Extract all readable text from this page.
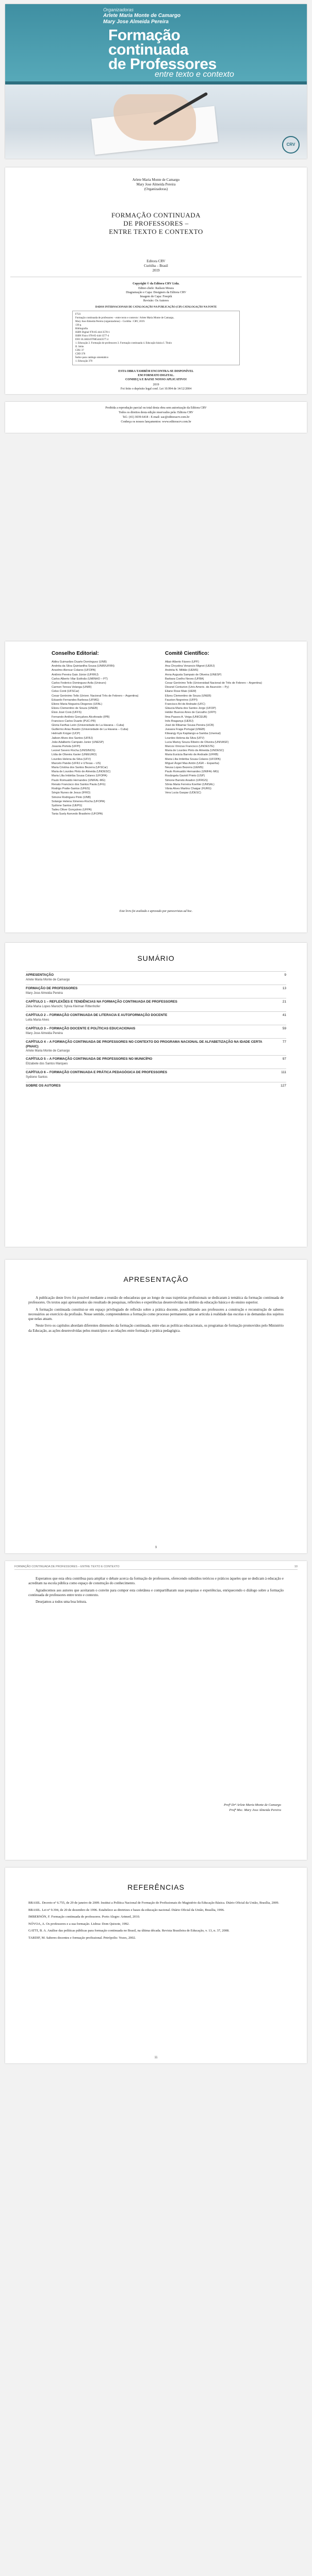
Organizadoras
Arlete Maria Monte de Camargo
Mary Jose Almeida Pereira
Formação
continuada
de Professores
entre texto e contexto
CRV
Arlete Maria Monte de Camargo
Mary Jose Almeida Pereira
(Organizadoras)
FORMAÇÃO CONTINUADA
DE PROFESSORES –
ENTRE TEXTO E CONTEXTO
Editora CRV
Curitiba – Brasil
2019
Copyright © da Editora CRV Ltda.
Editor-chefe: Railson Moura
Diagramação e Capa: Designers da Editora CRV
Imagem de Capa: Freepik
Revisão: Os Autores
DADOS INTERNACIONAIS DE CATALOGAÇÃO NA PUBLICAÇÃO (CIP) CATALOGAÇÃO NA FONTE
F723
Formação continuada de professores – entre texto e contexto / Arlete Maria Monte de Camargo,
Mary Jose Almeida Pereira (organizadoras) – Curitiba : CRV, 2019.
130 p.
Bibliografia
ISBN Digital 978-85-444-3578-1
ISBN Físico 978-85-444-3577-4
DOI 10.24824/978854443577.4
1. Educação 2. Formação de professores 3. Formação continuada 4. Educação básica I. Título
II. Série.
CDU 37
CDD 370
Índice para catálogo sistemático
1. Educação 370
ESTA OBRA TAMBÉM ENCONTRA-SE DISPONÍVEL
EM FORMATO DIGITAL.
CONHEÇA E BAIXE NOSSO APLICATIVO!
2019
Foi feito o depósito legal conf. Lei 10.994 de 14/12/2004
Proibida a reprodução parcial ou total desta obra sem autorização da Editora CRV
Todos os direitos desta edição reservados pela: Editora CRV
Tel.: (41) 3039-6418 - E-mail: sac@editoracrv.com.br
Conheça os nossos lançamentos: www.editoracrv.com.br
Conselho Editorial:
Aldira Guimarães Duarte Domínguez (UNB)
Andréia da Silva Quintanilha Sousa (UNIR/UFRN)
Anselmo Alencar Colares (UFOPA)
Antônio Pereira Gaio Júnior (UFRRJ)
Carlos Alberto Vilar Estêvão (UMINHO – PT)
Carlos Federico Dominguez Avila (Unieuro)
Carmen Tereza Velanga (UNIR)
Celso Conti (UFSCar)
Cesar Gerónimo Tello (Univer. Nacional Três de Febrero – Argentina)
Eduardo Fernandes Barbosa (UFMG)
Elione Maria Nogueira Diogenes (UFAL)
Elizeu Clementino de Souza (UNEB)
Élsio José Corá (UFFS)
Fernando Antônio Gonçalves Alcoforado (IPB)
Francisco Carlos Duarte (PUC-PR)
Gloria Fariñas León (Universidade de La Havana – Cuba)
Guillermo Arias Beatón (Universidade de La Havana – Cuba)
Helmuth Krüger (UCP)
Jailson Alves dos Santos (UFRJ)
João Adalberto Campato Junior (UNESP)
Josania Portela (UFPI)
Leonel Severo Rocha (UNISINOS)
Lídia de Oliveira Xavier (UNIEURO)
Lourdes Helena da Silva (UFV)
Marcelo Paixão (UFRJ e UTexas – US)
Maria Cristina dos Santos Bezerra (UFSCar)
Maria de Lourdes Pinto de Almeida (UNOESC)
Maria Lília Imbiriba Sousa Colares (UFOPA)
Paulo Romualdo Hernandes (UNIFAL-MG)
Renato Francisco dos Santos Paula (UFG)
Rodrigo Pratte-Santos (UFES)
Sérgio Nunes de Jesus (IFRO)
Simone Rodrigues Pinto (UNB)
Solange Helena Ximenes-Rocha (UFOPA)
Sydione Santos (UEPG)
Tadeu Oliver Gonçalves (UFPA)
Tania Suely Azevedo Brasileiro (UFOPA)
Comitê Científico:
Altair Alberto Fávero (UPF)
Ana Chrystina Venancio Mignot (UERJ)
Andréia N. Militão (UEMS)
Anna Augusta Sampaio de Oliveira (UNESP)
Barbara Coelho Neves (UFBA)
Cesar Gerónimo Tello (Universidad Nacional de Três de Febrero – Argentina)
Diosnel Centurion (Univ Americ. de Asunción – Py)
Eliane Rose Maio (UEM)
Elizeu Clementino de Souza (UNEB)
Fauston Negreiros (UFPI)
Francisco Ari de Andrade (UFC)
Gláucia Maria dos Santos Jorge (UFOP)
Helder Buenos Aires de Carvalho (UFPI)
Ilma Passos A. Veiga (UNICEUB)
Inês Bragança (UERJ)
José de Ribamar Sousa Pereira (UCB)
Jussara Fraga Portugal (UNEB)
Kilwangy Kya Kapitango-a-Samba (Unemat)
Lourdes Helena da Silva (UFV)
Lucia Marisy Souza Ribeiro de Oliveira (UNIVASF)
Marcos Vinicius Francisco (UNOESTE)
Maria de Lourdes Pinto de Almeida (UNOESC)
Maria Eurácia Barreto de Andrade (UFRB)
Maria Lília Imbiriba Sousa Colares (UFOPA)
Míguel Ángel Mas Antón (UGR – Espanha)
Neusa Lopes Bezerra (UEMS)
Paulo Romualdo Hernandes (UNIFAL-MG)
Rosângela Gavioli Prieto (USP)
Simone Barreto Anadon (UFRGS)
Sônia Maria Ferreira Koehler (UNISAL)
Vânia Alves Martins Chaigar (FURG)
Vera Lucia Gaspar (UDESC)
Este livro foi avaliado e aprovado por pareceristas ad hoc.
SUMÁRIO
APRESENTAÇÃO
Arlete Maria Monte de Camargo
9
FORMAÇÃO DE PROFESSORES
Mary Jose Almeida Pereira
13
CAPÍTULO 1 – REFLEXÕES E TENDÊNCIAS NA FORMAÇÃO CONTINUADA DE PROFESSORES
Zélia Maria Lopes Marochi; Sylvia Kleiman Rittenhofer
21
CAPÍTULO 2 – FORMAÇÃO CONTINUADA DE LITERACIA E AUTOFORMAÇÃO DOCENTE
Leila Maria Alves
41
CAPÍTULO 3 – FORMAÇÃO DOCENTE E POLÍTICAS EDUCACIONAIS
Mary Jose Almeida Pereira
59
CAPÍTULO 4 – A FORMAÇÃO CONTINUADA DE PROFESSORES NO CONTEXTO DO PROGRAMA NACIONAL DE ALFABETIZAÇÃO NA IDADE CERTA (PNAIC)
Arlete Maria Monte de Camargo
77
CAPÍTULO 5 – A FORMAÇÃO CONTINUADA DE PROFESSORES NO MUNICÍPIO
Elizabete dos Santos Marques
97
CAPÍTULO 6 – FORMAÇÃO CONTINUADA E PRÁTICA PEDAGÓGICA DE PROFESSORES
Sydione Santos
111
SOBRE OS AUTORES	127
APRESENTAÇÃO

A publicação deste livro foi possível mediante a reunião de educadoras que ao longo de suas trajetórias profissionais se dedicaram à temática da formação continuada de professores. Os textos aqui apresentados são resultado de pesquisas, reflexões e experiências desenvolvidas no âmbito da educação básica e do ensino superior.

A formação continuada constitui-se em espaço privilegiado de reflexão sobre a prática docente, possibilitando aos professores a construção e reconstrução de saberes necessários ao exercício da profissão. Nesse sentido, compreendemos a formação como processo permanente, que se articula à realidade das escolas e às demandas dos sujeitos que nelas atuam.

Neste livro os capítulos abordam diferentes dimensões da formação continuada, entre elas as políticas educacionais, os programas de formação promovidos pelo Ministério da Educação, as ações desenvolvidas pelos municípios e as relações entre formação e prática pedagógica.

9
FORMAÇÃO CONTINUADA DE PROFESSORES – ENTRE TEXTO E CONTEXTO	10

Esperamos que esta obra contribua para ampliar o debate acerca da formação de professores, oferecendo subsídios teóricos e práticos àqueles que se dedicam à educação e acreditam na escola pública como espaço de construção do conhecimento.

Agradecemos aos autores que aceitaram o convite para compor esta coletânea e compartilharam suas pesquisas e experiências, enriquecendo o diálogo sobre a formação continuada de professores entre texto e contexto.

Desejamos a todos uma boa leitura.

Profª Drª Arlete Maria Monte de Camargo
Profª Msc. Mary Jose Almeida Pereira
REFERÊNCIAS
BRASIL. Decreto nº 6.755, de 29 de janeiro de 2009. Institui a Política Nacional de Formação de Profissionais do Magistério da Educação Básica. Diário Oficial da União, Brasília, 2009.
BRASIL. Lei nº 9.394, de 20 de dezembro de 1996. Estabelece as diretrizes e bases da educação nacional. Diário Oficial da União, Brasília, 1996.
IMBERNÓN, F. Formação continuada de professores. Porto Alegre: Artmed, 2010.
NÓVOA, A. Os professores e a sua formação. Lisboa: Dom Quixote, 1992.
GATTI, B. A. Análise das políticas públicas para formação continuada no Brasil, na última década. Revista Brasileira de Educação, v. 13, n. 37, 2008.
TARDIF, M. Saberes docentes e formação profissional. Petrópolis: Vozes, 2002.
11
